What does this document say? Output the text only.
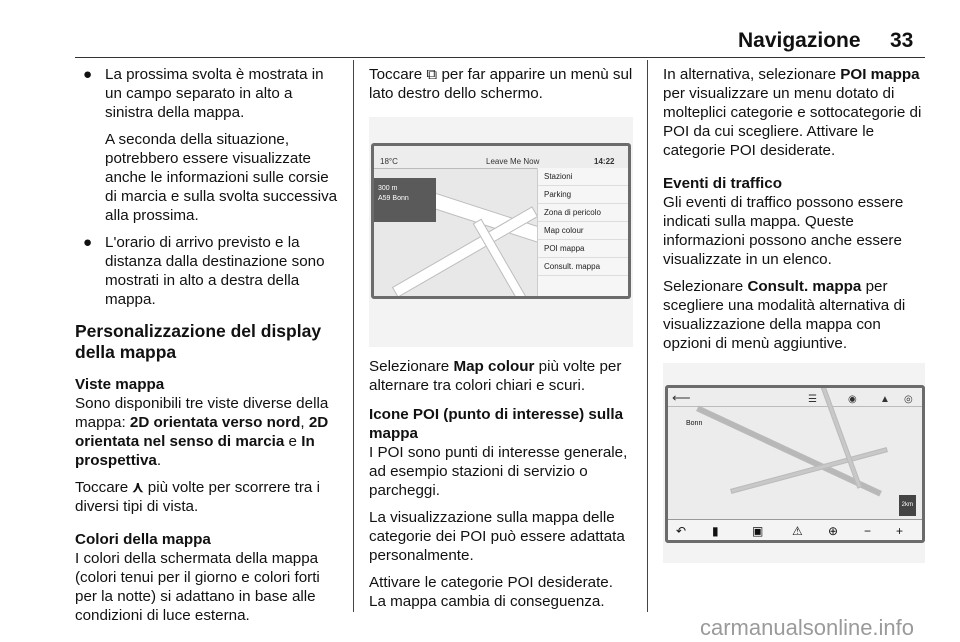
Navigazione 33
● La prossima svolta è mostrata in un campo separato in alto a sinistra della mappa.

A seconda della situazione, potrebbero essere visualizzate anche le informazioni sulle corsie di marcia e sulla svolta successiva alla prossima.

● L'orario di arrivo previsto e la distanza dalla destinazione sono mostrati in alto a destra della mappa.

Personalizzazione del display della mappa

Viste mappa
Sono disponibili tre viste diverse della mappa: 2D orientata verso nord, 2D orientata nel senso di marcia e In prospettiva.

Toccare ⋏ più volte per scorrere tra i diversi tipi di vista.

Colori della mappa
I colori della schermata della mappa (colori tenui per il giorno e colori forti per la notte) si adattano in base alle condizioni di luce esterna.

Toccare ⧉ per far apparire un menù sul lato destro dello schermo.

18°C	Leave Me Now	14:22
300 m
A59 Bonn
Stazioni
Parking
Zona di pericolo
Map colour
POI mappa
Consult. mappa

Selezionare Map colour più volte per alternare tra colori chiari e scuri.

Icone POI (punto di interesse) sulla mappa
I POI sono punti di interesse generale, ad esempio stazioni di servizio o parcheggi.

La visualizzazione sulla mappa delle categorie dei POI può essere adattata personalmente.

Attivare le categorie POI desiderate. La mappa cambia di conseguenza.

In alternativa, selezionare POI mappa per visualizzare un menu dotato di molteplici categorie e sottocategorie di POI da cui scegliere. Attivare le categorie POI desiderate.

Eventi di traffico
Gli eventi di traffico possono essere indicati sulla mappa. Queste informazioni possono anche essere visualizzate in un elenco.

Selezionare Consult. mappa per scegliere una modalità alternativa di visualizzazione della mappa con opzioni di menù aggiuntive.

⟵	☰	◉ ▲ ◎
Bonn
2km
↶ ▮	▣ ⚠ ⊕ − +
carmanualsonline.info
